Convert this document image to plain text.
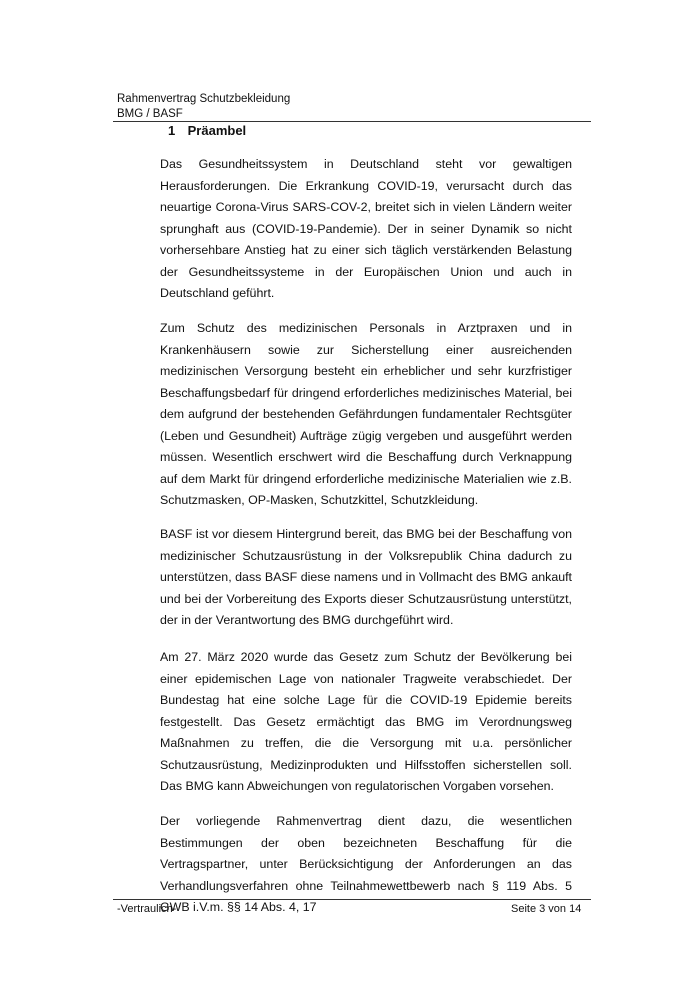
Rahmenvertrag Schutzbekleidung
BMG / BASF
1 Präambel

Das Gesundheitssystem in Deutschland steht vor gewaltigen Herausforderungen. Die Erkrankung COVID-19, verursacht durch das neuartige Corona-Virus SARS-COV-2, breitet sich in vielen Ländern weiter sprunghaft aus (COVID-19-Pandemie). Der in seiner Dynamik so nicht vorhersehbare Anstieg hat zu einer sich täglich verstärkenden Belastung der Gesundheitssysteme in der Europäischen Union und auch in Deutschland geführt.

Zum Schutz des medizinischen Personals in Arztpraxen und in Krankenhäusern sowie zur Sicherstellung einer ausreichenden medizinischen Versorgung besteht ein erheblicher und sehr kurzfristiger Beschaffungsbedarf für dringend erforderliches medizinisches Material, bei dem aufgrund der bestehenden Gefährdungen fundamentaler Rechtsgüter (Leben und Gesundheit) Aufträge zügig vergeben und ausgeführt werden müssen. Wesentlich erschwert wird die Beschaffung durch Verknappung auf dem Markt für dringend erforderliche medizinische Materialien wie z.B. Schutzmasken, OP-Masken, Schutzkittel, Schutzkleidung.

BASF ist vor diesem Hintergrund bereit, das BMG bei der Beschaffung von medizinischer Schutzausrüstung in der Volksrepublik China dadurch zu unterstützen, dass BASF diese namens und in Vollmacht des BMG ankauft und bei der Vorbereitung des Exports dieser Schutzausrüstung unterstützt, der in der Verantwortung des BMG durchgeführt wird.

Am 27. März 2020 wurde das Gesetz zum Schutz der Bevölkerung bei einer epidemischen Lage von nationaler Tragweite verabschiedet. Der Bundestag hat eine solche Lage für die COVID-19 Epidemie bereits festgestellt. Das Gesetz ermächtigt das BMG im Verordnungsweg Maßnahmen zu treffen, die die Versorgung mit u.a. persönlicher Schutzausrüstung, Medizinprodukten und Hilfsstoffen sicherstellen soll. Das BMG kann Abweichungen von regulatorischen Vorgaben vorsehen.

Der vorliegende Rahmenvertrag dient dazu, die wesentlichen Bestimmungen der oben bezeichneten Beschaffung für die Vertragspartner, unter Berücksichtigung der Anforderungen an das Verhandlungsverfahren ohne Teilnahmewettbewerb nach § 119 Abs. 5 GWB i.V.m. §§ 14 Abs. 4, 17

-Vertraulich-	Seite 3 von 14
